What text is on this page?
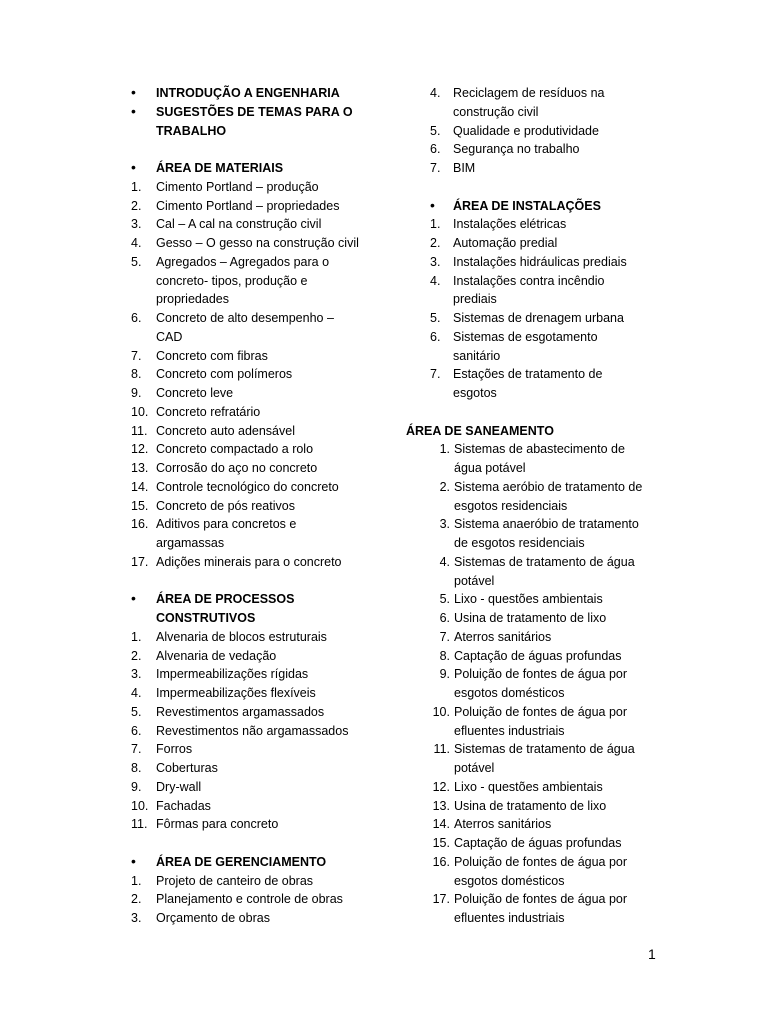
• INTRODUÇÃO A ENGENHARIA
• SUGESTÕES DE TEMAS PARA O
TRABALHO
• ÁREA DE MATERIAIS
1. Cimento Portland – produção
2. Cimento Portland – propriedades
3. Cal – A cal na construção civil
4. Gesso – O gesso na construção civil
5. Agregados – Agregados para o
concreto- tipos, produção e
propriedades
6. Concreto de alto desempenho –
CAD
7. Concreto com fibras
8. Concreto com polímeros
9. Concreto leve
10. Concreto refratário
11. Concreto auto adensável
12. Concreto compactado a rolo
13. Corrosão do aço no concreto
14. Controle tecnológico do concreto
15. Concreto de pós reativos
16. Aditivos para concretos e
argamassas
17. Adições minerais para o concreto
• ÁREA DE PROCESSOS
CONSTRUTIVOS
1. Alvenaria de blocos estruturais
2. Alvenaria de vedação
3. Impermeabilizações rígidas
4. Impermeabilizações flexíveis
5. Revestimentos argamassados
6. Revestimentos não argamassados
7. Forros
8. Coberturas
9. Dry-wall
10. Fachadas
11. Fôrmas para concreto
• ÁREA DE GERENCIAMENTO
1. Projeto de canteiro de obras
2. Planejamento e controle de obras
3. Orçamento de obras
4. Reciclagem de resíduos na
construção civil
5. Qualidade e produtividade
6. Segurança no trabalho
7. BIM
• ÁREA DE INSTALAÇÕES
1. Instalações elétricas
2. Automação predial
3. Instalações hidráulicas prediais
4. Instalações contra incêndio
prediais
5. Sistemas de drenagem urbana
6. Sistemas de esgotamento
sanitário
7. Estações de tratamento de
esgotos
ÁREA DE SANEAMENTO
1. Sistemas de abastecimento de
água potável
2. Sistema aeróbio de tratamento de
esgotos residenciais
3. Sistema anaeróbio de tratamento
de esgotos residenciais
4. Sistemas de tratamento de água
potável
5. Lixo - questões ambientais
6. Usina de tratamento de lixo
7. Aterros sanitários
8. Captação de águas profundas
9. Poluição de fontes de água por
esgotos domésticos
10. Poluição de fontes de água por
efluentes industriais
11. Sistemas de tratamento de água
potável
12. Lixo - questões ambientais
13. Usina de tratamento de lixo
14. Aterros sanitários
15. Captação de águas profundas
16. Poluição de fontes de água por
esgotos domésticos
17. Poluição de fontes de água por
efluentes industriais
1
